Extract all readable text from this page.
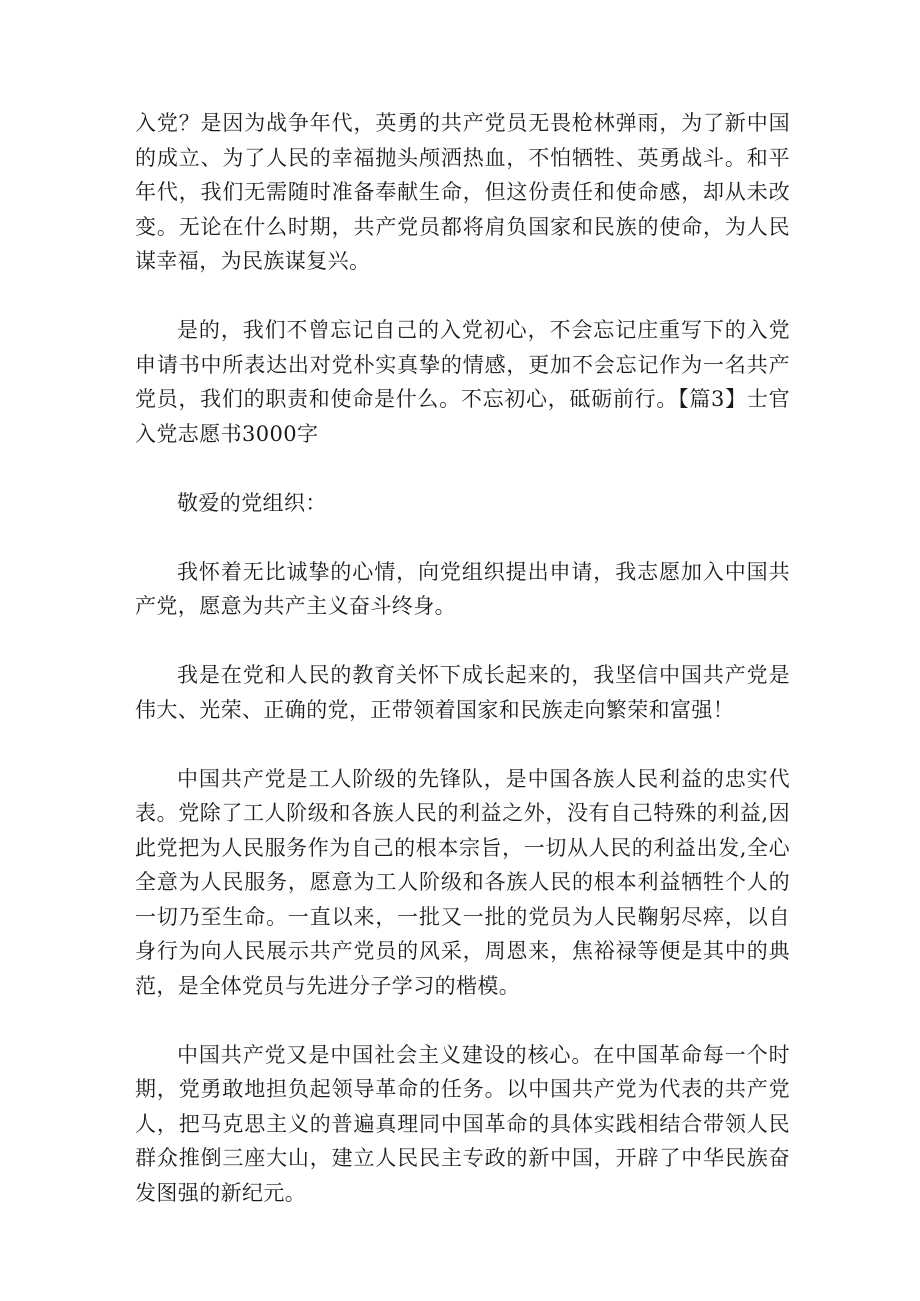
入党？是因为战争年代，英勇的共产党员无畏枪林弹雨，为了新中国的成立、为了人民的幸福抛头颅洒热血，不怕牺牲、英勇战斗。和平年代，我们无需随时准备奉献生命，但这份责任和使命感，却从未改变。无论在什么时期，共产党员都将肩负国家和民族的使命，为人民谋幸福，为民族谋复兴。

是的，我们不曾忘记自己的入党初心，不会忘记庄重写下的入党申请书中所表达出对党朴实真挚的情感，更加不会忘记作为一名共产党员，我们的职责和使命是什么。不忘初心，砥砺前行。【篇3】士官入党志愿书3000字

敬爱的党组织：

我怀着无比诚挚的心情，向党组织提出申请，我志愿加入中国共产党，愿意为共产主义奋斗终身。

我是在党和人民的教育关怀下成长起来的，我坚信中国共产党是伟大、光荣、正确的党，正带领着国家和民族走向繁荣和富强！

中国共产党是工人阶级的先锋队，是中国各族人民利益的忠实代表。党除了工人阶级和各族人民的利益之外，没有自己特殊的利益,因此党把为人民服务作为自己的根本宗旨，一切从人民的利益出发,全心全意为人民服务，愿意为工人阶级和各族人民的根本利益牺牲个人的一切乃至生命。一直以来，一批又一批的党员为人民鞠躬尽瘁，以自身行为向人民展示共产党员的风采，周恩来，焦裕禄等便是其中的典范，是全体党员与先进分子学习的楷模。

中国共产党又是中国社会主义建设的核心。在中国革命每一个时期，党勇敢地担负起领导革命的任务。以中国共产党为代表的共产党人，把马克思主义的普遍真理同中国革命的具体实践相结合带领人民群众推倒三座大山，建立人民民主专政的新中国，开辟了中华民族奋发图强的新纪元。
